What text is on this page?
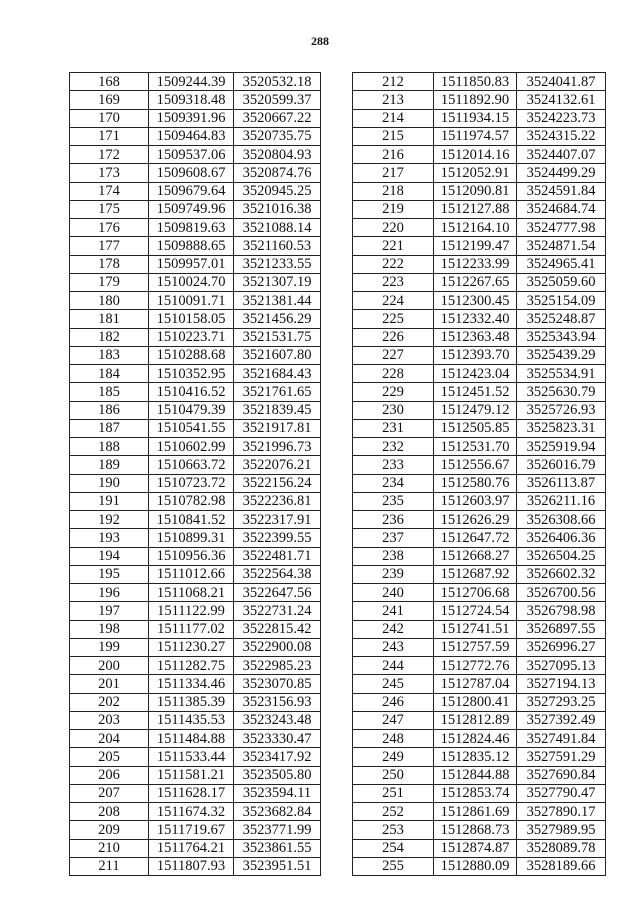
288
168	1509244.39	3520532.18
169	1509318.48	3520599.37
170	1509391.96	3520667.22
171	1509464.83	3520735.75
172	1509537.06	3520804.93
173	1509608.67	3520874.76
174	1509679.64	3520945.25
175	1509749.96	3521016.38
176	1509819.63	3521088.14
177	1509888.65	3521160.53
178	1509957.01	3521233.55
179	1510024.70	3521307.19
180	1510091.71	3521381.44
181	1510158.05	3521456.29
182	1510223.71	3521531.75
183	1510288.68	3521607.80
184	1510352.95	3521684.43
185	1510416.52	3521761.65
186	1510479.39	3521839.45
187	1510541.55	3521917.81
188	1510602.99	3521996.73
189	1510663.72	3522076.21
190	1510723.72	3522156.24
191	1510782.98	3522236.81
192	1510841.52	3522317.91
193	1510899.31	3522399.55
194	1510956.36	3522481.71
195	1511012.66	3522564.38
196	1511068.21	3522647.56
197	1511122.99	3522731.24
198	1511177.02	3522815.42
199	1511230.27	3522900.08
200	1511282.75	3522985.23
201	1511334.46	3523070.85
202	1511385.39	3523156.93
203	1511435.53	3523243.48
204	1511484.88	3523330.47
205	1511533.44	3523417.92
206	1511581.21	3523505.80
207	1511628.17	3523594.11
208	1511674.32	3523682.84
209	1511719.67	3523771.99
210	1511764.21	3523861.55
211	1511807.93	3523951.51
212	1511850.83	3524041.87
213	1511892.90	3524132.61
214	1511934.15	3524223.73
215	1511974.57	3524315.22
216	1512014.16	3524407.07
217	1512052.91	3524499.29
218	1512090.81	3524591.84
219	1512127.88	3524684.74
220	1512164.10	3524777.98
221	1512199.47	3524871.54
222	1512233.99	3524965.41
223	1512267.65	3525059.60
224	1512300.45	3525154.09
225	1512332.40	3525248.87
226	1512363.48	3525343.94
227	1512393.70	3525439.29
228	1512423.04	3525534.91
229	1512451.52	3525630.79
230	1512479.12	3525726.93
231	1512505.85	3525823.31
232	1512531.70	3525919.94
233	1512556.67	3526016.79
234	1512580.76	3526113.87
235	1512603.97	3526211.16
236	1512626.29	3526308.66
237	1512647.72	3526406.36
238	1512668.27	3526504.25
239	1512687.92	3526602.32
240	1512706.68	3526700.56
241	1512724.54	3526798.98
242	1512741.51	3526897.55
243	1512757.59	3526996.27
244	1512772.76	3527095.13
245	1512787.04	3527194.13
246	1512800.41	3527293.25
247	1512812.89	3527392.49
248	1512824.46	3527491.84
249	1512835.12	3527591.29
250	1512844.88	3527690.84
251	1512853.74	3527790.47
252	1512861.69	3527890.17
253	1512868.73	3527989.95
254	1512874.87	3528089.78
255	1512880.09	3528189.66
